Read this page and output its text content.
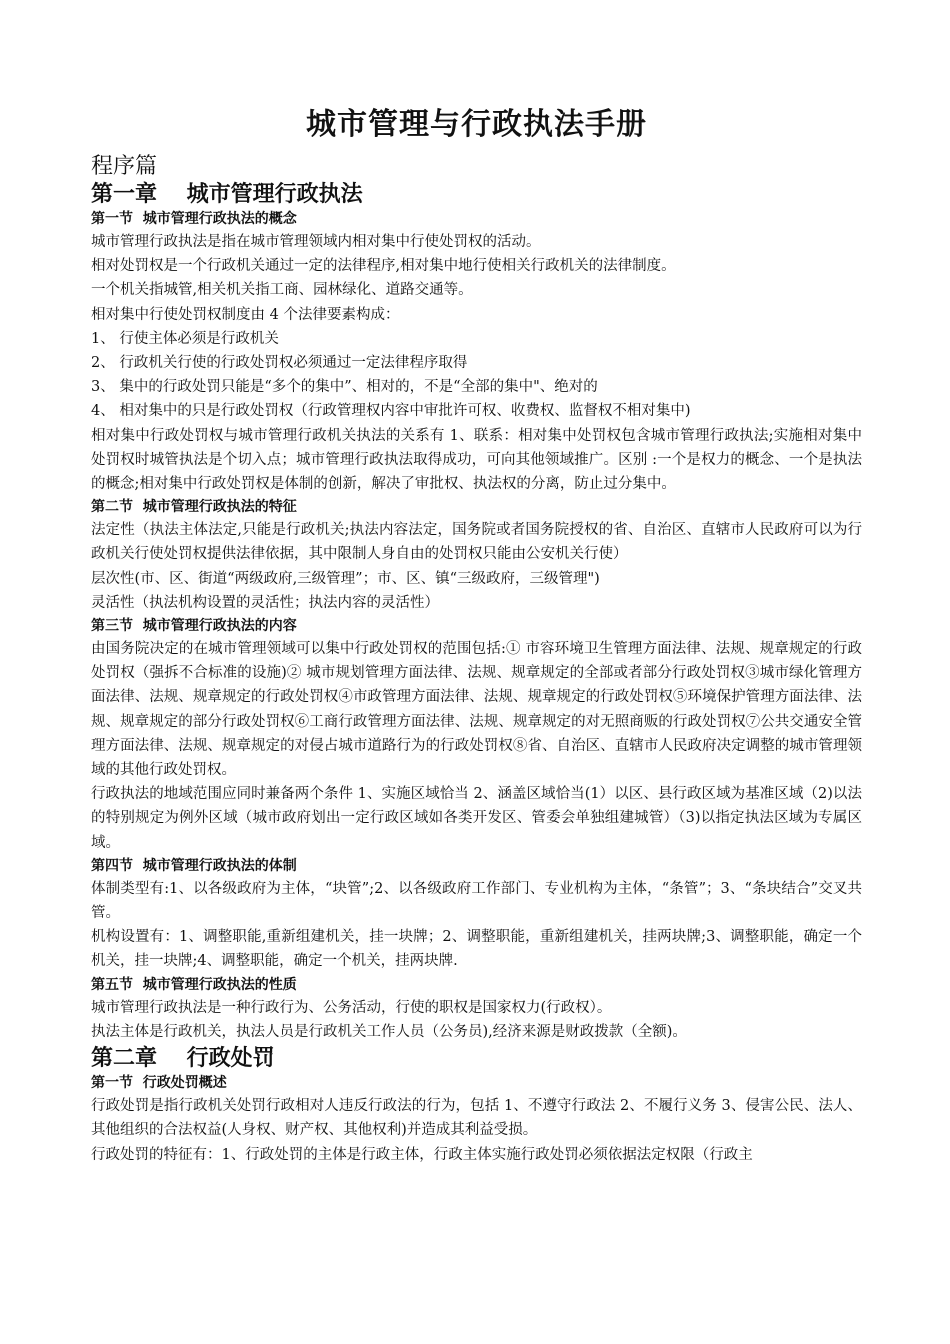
城市管理与行政执法手册
程序篇
第一章　 城市管理行政执法
第一节  城市管理行政执法的概念

城市管理行政执法是指在城市管理领域内相对集中行使处罚权的活动。

相对处罚权是一个行政机关通过一定的法律程序,相对集中地行使相关行政机关的法律制度。

一个机关指城管,相关机关指工商、园林绿化、道路交通等。

相对集中行使处罚权制度由 4 个法律要素构成：

1、 行使主体必须是行政机关

2、 行政机关行使的行政处罚权必须通过一定法律程序取得

3、 集中的行政处罚只能是“多个的集中”、相对的，不是“全部的集中"、绝对的

4、 相对集中的只是行政处罚权（行政管理权内容中审批许可权、收费权、监督权不相对集中)

相对集中行政处罚权与城市管理行政机关执法的关系有 1、联系：相对集中处罚权包含城市管理行政执法;实施相对集中处罚权时城管执法是个切入点；城市管理行政执法取得成功，可向其他领域推广。区别 :一个是权力的概念、一个是执法的概念;相对集中行政处罚权是体制的创新，解决了审批权、执法权的分离，防止过分集中。

第二节  城市管理行政执法的特征

法定性（执法主体法定,只能是行政机关;执法内容法定，国务院或者国务院授权的省、自治区、直辖市人民政府可以为行政机关行使处罚权提供法律依据，其中限制人身自由的处罚权只能由公安机关行使）

层次性(市、区、街道“两级政府,三级管理”；市、区、镇“三级政府，三级管理")

灵活性（执法机构设置的灵活性；执法内容的灵活性）

第三节  城市管理行政执法的内容

由国务院决定的在城市管理领域可以集中行政处罚权的范围包括:① 市容环境卫生管理方面法律、法规、规章规定的行政处罚权（强拆不合标准的设施)② 城市规划管理方面法律、法规、规章规定的全部或者部分行政处罚权③城市绿化管理方面法律、法规、规章规定的行政处罚权④市政管理方面法律、法规、规章规定的行政处罚权⑤环境保护管理方面法律、法规、规章规定的部分行政处罚权⑥工商行政管理方面法律、法规、规章规定的对无照商贩的行政处罚权⑦公共交通安全管理方面法律、法规、规章规定的对侵占城市道路行为的行政处罚权⑧省、自治区、直辖市人民政府决定调整的城市管理领域的其他行政处罚权。

行政执法的地域范围应同时兼备两个条件 1、实施区域恰当 2、涵盖区域恰当(1）以区、县行政区域为基准区域（2)以法的特别规定为例外区域（城市政府划出一定行政区域如各类开发区、管委会单独组建城管）（3)以指定执法区域为专属区域。

第四节  城市管理行政执法的体制

体制类型有:1、以各级政府为主体，“块管”;2、以各级政府工作部门、专业机构为主体，“条管”；3、“条块结合”交叉共管。

机构设置有：1、调整职能,重新组建机关，挂一块牌；2、调整职能，重新组建机关，挂两块牌;3、调整职能，确定一个机关，挂一块牌;4、调整职能，确定一个机关，挂两块牌.

第五节  城市管理行政执法的性质

城市管理行政执法是一种行政行为、公务活动，行使的职权是国家权力(行政权）。

执法主体是行政机关，执法人员是行政机关工作人员（公务员),经济来源是财政拨款（全额)。

第二章　 行政处罚
第一节  行政处罚概述

行政处罚是指行政机关处罚行政相对人违反行政法的行为，包括 1、不遵守行政法 2、不履行义务 3、侵害公民、法人、其他组织的合法权益(人身权、财产权、其他权利)并造成其利益受损。

行政处罚的特征有：1、行政处罚的主体是行政主体，行政主体实施行政处罚必须依据法定权限（行政主
